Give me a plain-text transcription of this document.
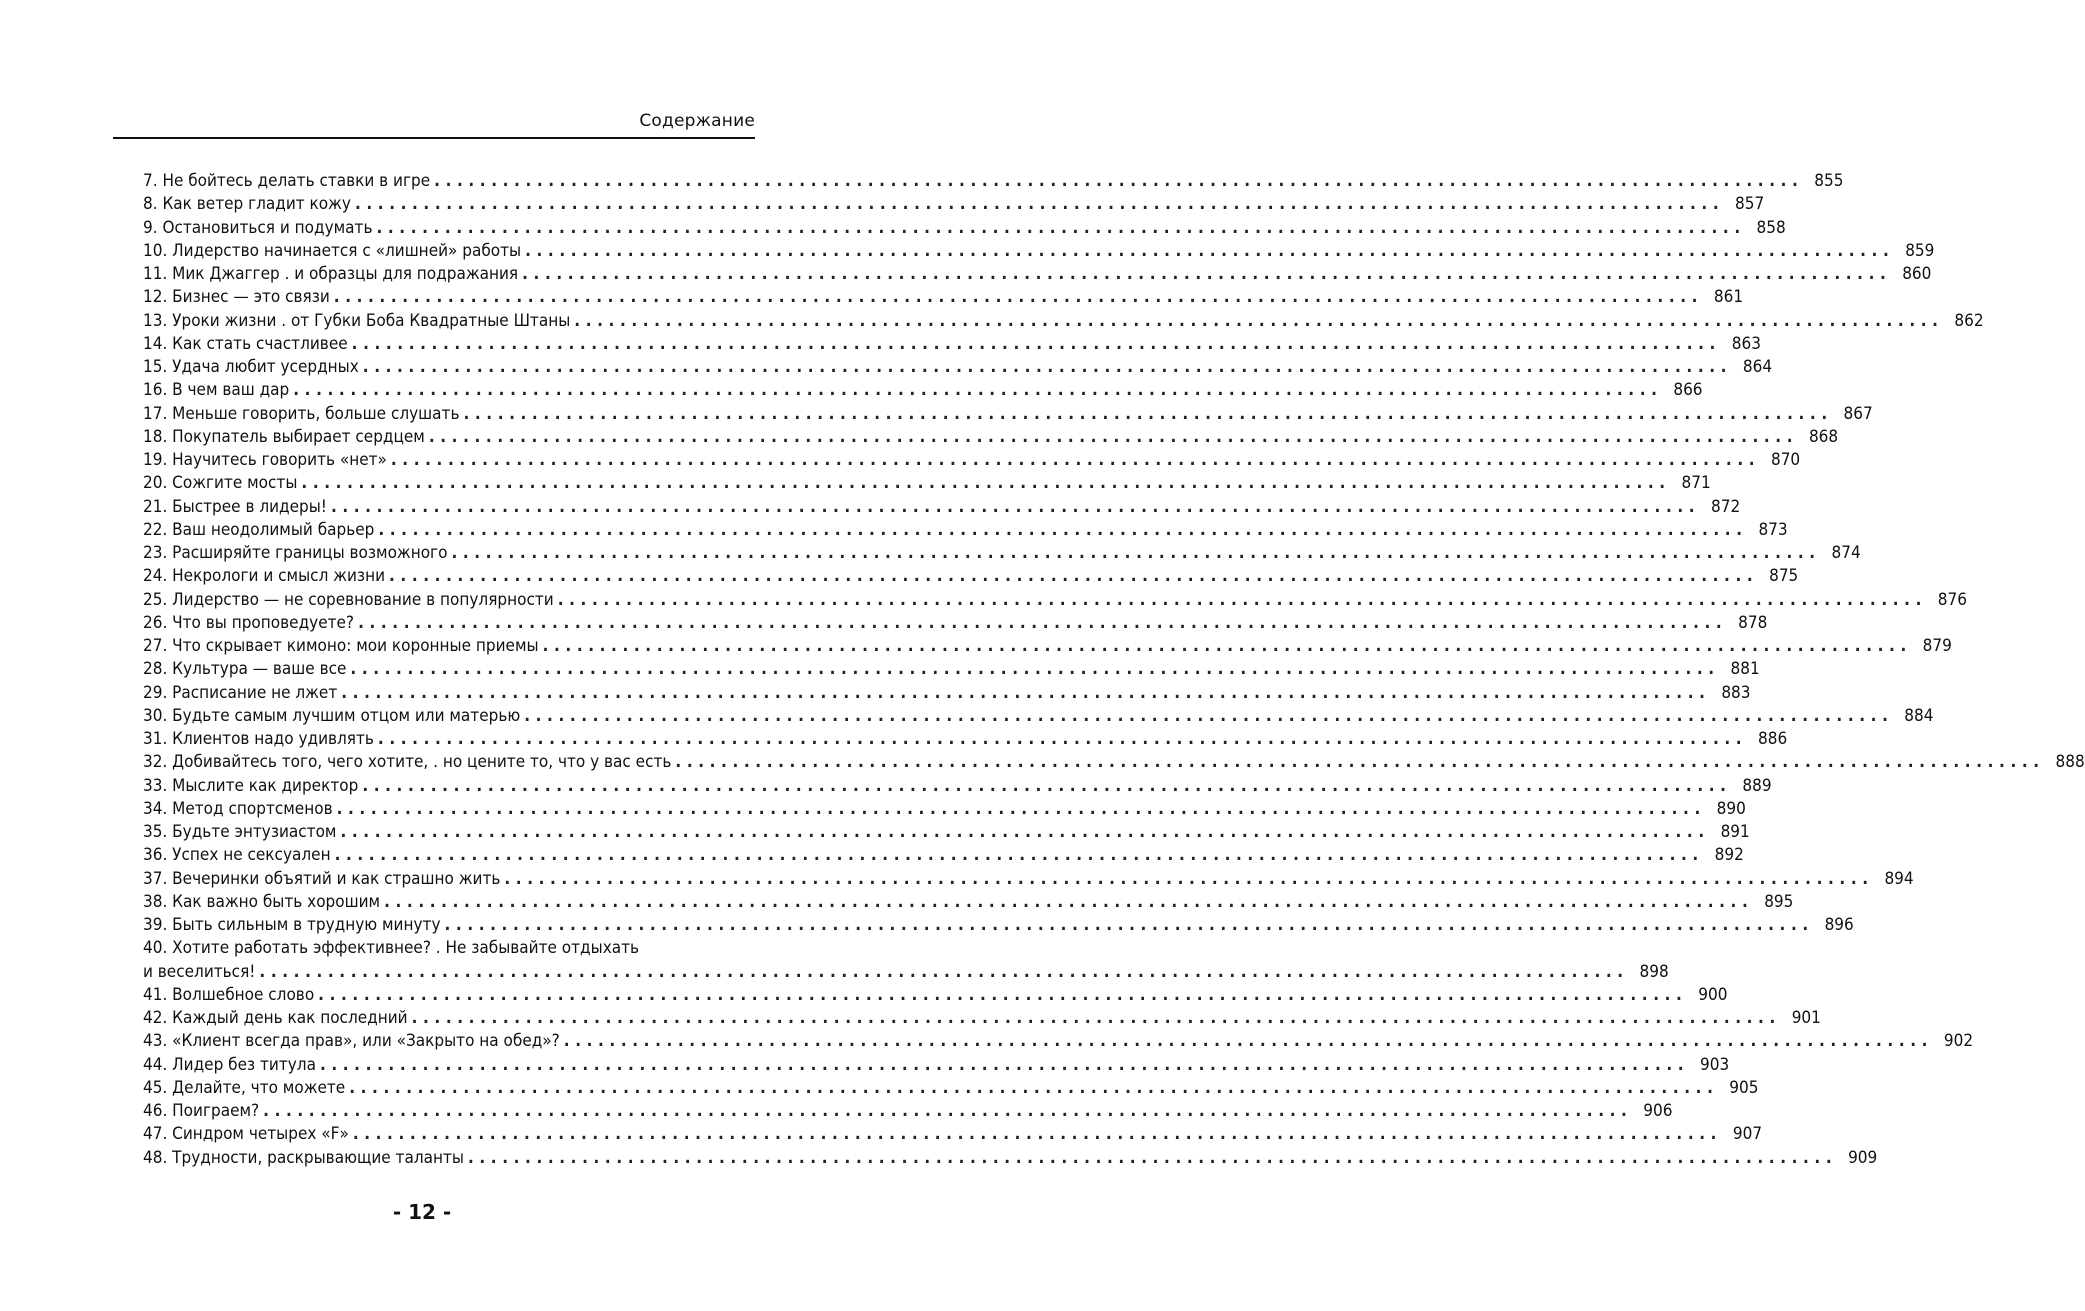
Содержание
7. Не бойтесь делать ставки в игре ........................................................................................................................ 855
8. Как ветер гладит кожу ........................................................................................................................ 857
9. Остановиться и подумать ........................................................................................................................ 858
10. Лидерство начинается с «лишней» работы ........................................................................................................................ 859
11. Мик Джаггер . и образцы для подражания ........................................................................................................................ 860
12. Бизнес — это связи ........................................................................................................................ 861
13. Уроки жизни . от Губки Боба Квадратные Штаны ........................................................................................................................ 862
14. Как стать счастливее ........................................................................................................................ 863
15. Удача любит усердных ........................................................................................................................ 864
16. В чем ваш дар ........................................................................................................................ 866
17. Меньше говорить, больше слушать ........................................................................................................................ 867
18. Покупатель выбирает сердцем ........................................................................................................................ 868
19. Научитесь говорить «нет» ........................................................................................................................ 870
20. Сожгите мосты ........................................................................................................................ 871
21. Быстрее в лидеры! ........................................................................................................................ 872
22. Ваш неодолимый барьер ........................................................................................................................ 873
23. Расширяйте границы возможного ........................................................................................................................ 874
24. Некрологи и смысл жизни ........................................................................................................................ 875
25. Лидерство — не соревнование в популярности ........................................................................................................................ 876
26. Что вы проповедуете? ........................................................................................................................ 878
27. Что скрывает кимоно: мои коронные приемы ........................................................................................................................ 879
28. Культура — ваше все ........................................................................................................................ 881
29. Расписание не лжет ........................................................................................................................ 883
30. Будьте самым лучшим отцом или матерью ........................................................................................................................ 884
31. Клиентов надо удивлять ........................................................................................................................ 886
32. Добивайтесь того, чего хотите, . но цените то, что у вас есть ........................................................................................................................ 888
33. Мыслите как директор ........................................................................................................................ 889
34. Метод спортсменов ........................................................................................................................ 890
35. Будьте энтузиастом ........................................................................................................................ 891
36. Успех не сексуален ........................................................................................................................ 892
37. Вечеринки объятий и как страшно жить ........................................................................................................................ 894
38. Как важно быть хорошим ........................................................................................................................ 895
39. Быть сильным в трудную минуту ........................................................................................................................ 896
40. Хотите работать эффективнее? . Не забывайте отдыхать
и веселиться! ........................................................................................................................ 898
41. Волшебное слово ........................................................................................................................ 900
42. Каждый день как последний ........................................................................................................................ 901
43. «Клиент всегда прав», или «Закрыто на обед»? ........................................................................................................................ 902
44. Лидер без титула ........................................................................................................................ 903
45. Делайте, что можете ........................................................................................................................ 905
46. Поиграем? ........................................................................................................................ 906
47. Синдром четырех «F» ........................................................................................................................ 907
48. Трудности, раскрывающие таланты ........................................................................................................................ 909
- 12 -
